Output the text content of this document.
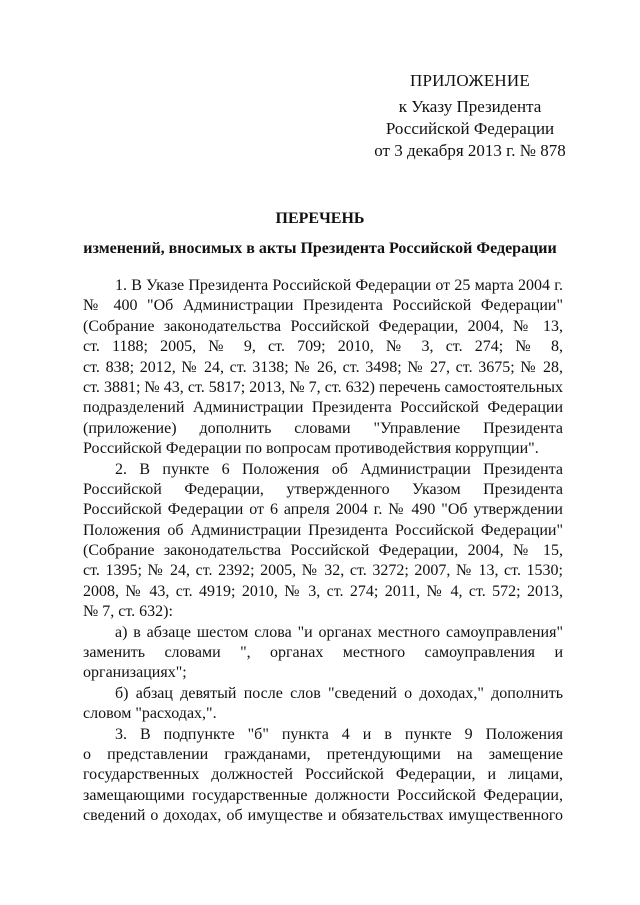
ПРИЛОЖЕНИЕ
к Указу Президента
Российской Федерации
от 3 декабря 2013 г. № 878
ПЕРЕЧЕНЬ
изменений, вносимых в акты Президента Российской Федерации
1. В Указе Президента Российской Федерации от 25 марта 2004 г.
№ 400 "Об Администрации Президента Российской Федерации"
(Собрание законодательства Российской Федерации, 2004, № 13,
ст. 1188; 2005, № 9, ст. 709; 2010, № 3, ст. 274; № 8,
ст. 838; 2012, № 24, ст. 3138; № 26, ст. 3498; № 27, ст. 3675; № 28,
ст. 3881; № 43, ст. 5817; 2013, № 7, ст. 632) перечень самостоятельных
подразделений Администрации Президента Российской Федерации
(приложение) дополнить словами "Управление Президента
Российской Федерации по вопросам противодействия коррупции".
2. В пункте 6 Положения об Администрации Президента
Российской Федерации, утвержденного Указом Президента
Российской Федерации от 6 апреля 2004 г. № 490 "Об утверждении
Положения об Администрации Президента Российской Федерации"
(Собрание законодательства Российской Федерации, 2004, № 15,
ст. 1395; № 24, ст. 2392; 2005, № 32, ст. 3272; 2007, № 13, ст. 1530;
2008, № 43, ст. 4919; 2010, № 3, ст. 274; 2011, № 4, ст. 572; 2013,
№ 7, ст. 632):
а) в абзаце шестом слова "и органах местного самоуправления"
заменить словами ", органах местного самоуправления и
организациях";
б) абзац девятый после слов "сведений о доходах," дополнить
словом "расходах,".
3. В подпункте "б" пункта 4 и в пункте 9 Положения
о представлении гражданами, претендующими на замещение
государственных должностей Российской Федерации, и лицами,
замещающими государственные должности Российской Федерации,
сведений о доходах, об имуществе и обязательствах имущественного
